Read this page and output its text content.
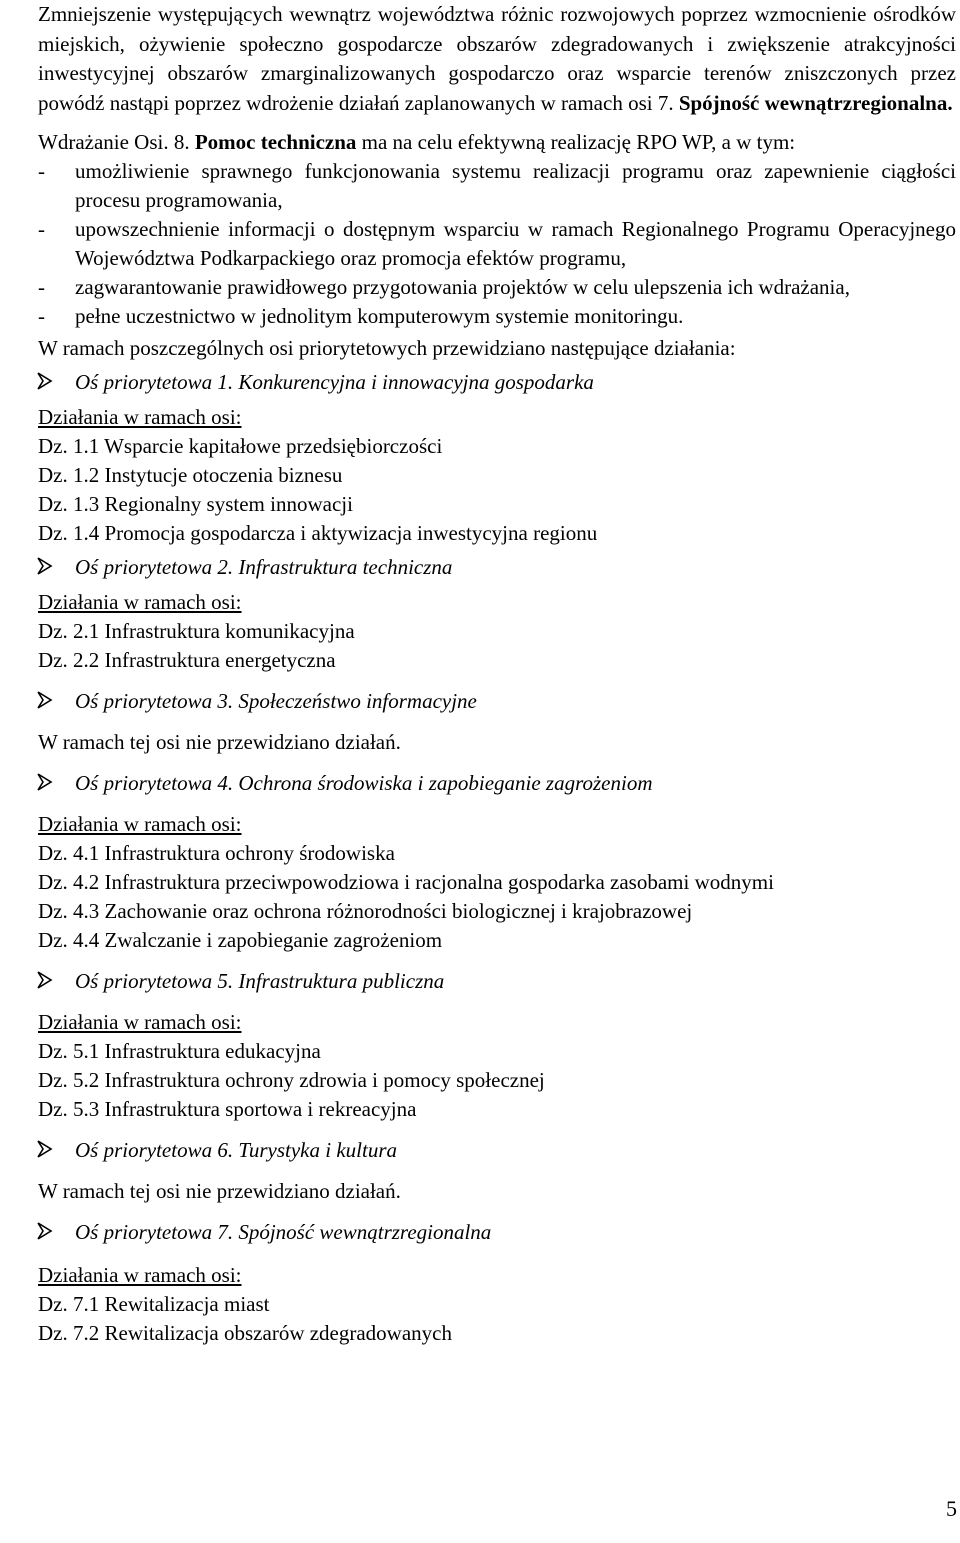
Zmniejszenie występujących wewnątrz województwa różnic rozwojowych poprzez wzmocnienie ośrodków miejskich, ożywienie społeczno gospodarcze obszarów zdegradowanych i zwiększenie atrakcyjności inwestycyjnej obszarów zmarginalizowanych gospodarczo oraz wsparcie terenów zniszczonych przez powódź nastąpi poprzez wdrożenie działań zaplanowanych w ramach osi 7. Spójność wewnątrzregionalna.

Wdrażanie Osi. 8. Pomoc techniczna ma na celu efektywną realizację RPO WP, a w tym:

- umożliwienie sprawnego funkcjonowania systemu realizacji programu oraz zapewnienie ciągłości procesu programowania,
- upowszechnienie informacji o dostępnym wsparciu w ramach Regionalnego Programu Operacyjnego Województwa Podkarpackiego oraz promocja efektów programu,
- zagwarantowanie prawidłowego przygotowania projektów w celu ulepszenia ich wdrażania,
- pełne uczestnictwo w jednolitym komputerowym systemie monitoringu.

W ramach poszczególnych osi priorytetowych przewidziano następujące działania:

Oś priorytetowa 1. Konkurencyjna i innowacyjna gospodarka

Działania w ramach osi:

Dz. 1.1 Wsparcie kapitałowe przedsiębiorczości

Dz. 1.2 Instytucje otoczenia biznesu

Dz. 1.3 Regionalny system innowacji

Dz. 1.4 Promocja gospodarcza i aktywizacja inwestycyjna regionu

Oś priorytetowa 2. Infrastruktura techniczna

Działania w ramach osi:

Dz. 2.1 Infrastruktura komunikacyjna

Dz. 2.2 Infrastruktura energetyczna

Oś priorytetowa 3. Społeczeństwo informacyjne

W ramach tej osi nie przewidziano działań.

Oś priorytetowa 4. Ochrona środowiska i zapobieganie zagrożeniom

Działania w ramach osi:

Dz. 4.1 Infrastruktura ochrony środowiska

Dz. 4.2 Infrastruktura przeciwpowodziowa i racjonalna gospodarka zasobami wodnymi

Dz. 4.3 Zachowanie oraz ochrona różnorodności biologicznej i krajobrazowej

Dz. 4.4 Zwalczanie i zapobieganie zagrożeniom

Oś priorytetowa 5. Infrastruktura publiczna

Działania w ramach osi:

Dz. 5.1 Infrastruktura edukacyjna

Dz. 5.2 Infrastruktura ochrony zdrowia i pomocy społecznej

Dz. 5.3 Infrastruktura sportowa i rekreacyjna

Oś priorytetowa 6. Turystyka i kultura

W ramach tej osi nie przewidziano działań.

Oś priorytetowa 7. Spójność wewnątrzregionalna

Działania w ramach osi:

Dz. 7.1 Rewitalizacja miast

Dz. 7.2 Rewitalizacja obszarów zdegradowanych

5
